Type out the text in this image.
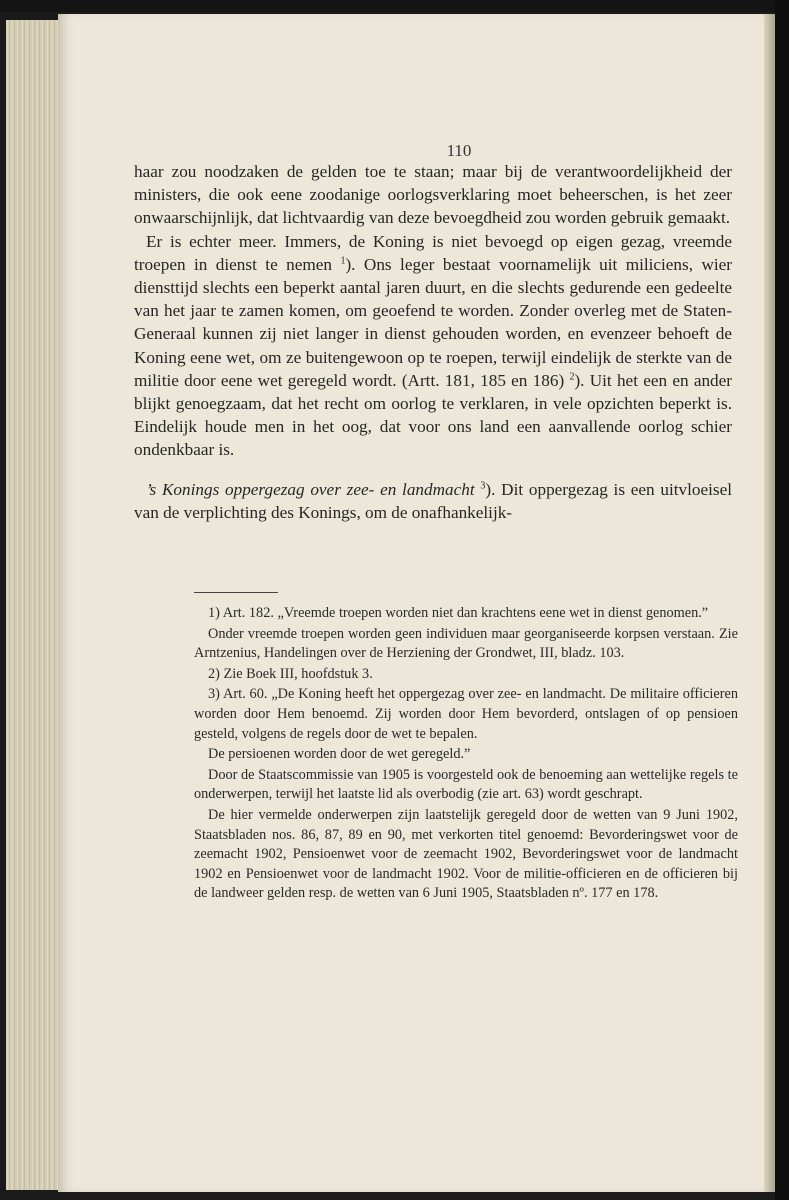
110

haar zou noodzaken de gelden toe te staan; maar bij de verantwoordelijkheid der ministers, die ook eene zoodanige oorlogsverklaring moet beheerschen, is het zeer onwaarschijnlijk, dat lichtvaardig van deze bevoegdheid zou worden gebruik gemaakt.

Er is echter meer. Immers, de Koning is niet bevoegd op eigen gezag, vreemde troepen in dienst te nemen $^1$). Ons leger bestaat voornamelijk uit miliciens, wier diensttijd slechts een beperkt aantal jaren duurt, en die slechts gedurende een gedeelte van het jaar te zamen komen, om geoefend te worden. Zonder overleg met de Staten-Generaal kunnen zij niet langer in dienst gehouden worden, en evenzeer behoeft de Koning eene wet, om ze buitengewoon op te roepen, terwijl eindelijk de sterkte van de militie door eene wet geregeld wordt. (Artt. 181, 185 en 186) $^2$). Uit het een en ander blijkt genoegzaam, dat het recht om oorlog te verklaren, in vele opzichten beperkt is. Eindelijk houde men in het oog, dat voor ons land een aanvallende oorlog schier ondenkbaar is.

’s Konings oppergezag over zee- en landmacht $^3$). Dit oppergezag is een uitvloeisel van de verplichting des Konings, om de onafhankelijk-

1) Art. 182. „Vreemde troepen worden niet dan krachtens eene wet in dienst genomen.”

Onder vreemde troepen worden geen individuen maar georganiseerde korpsen verstaan. Zie Arntzenius, Handelingen over de Herziening der Grondwet, III, bladz. 103.

2) Zie Boek III, hoofdstuk 3.

3) Art. 60. „De Koning heeft het oppergezag over zee- en landmacht. De militaire officieren worden door Hem benoemd. Zij worden door Hem bevorderd, ontslagen of op pensioen gesteld, volgens de regels door de wet te bepalen.

De persioenen worden door de wet geregeld.”

Door de Staatscommissie van 1905 is voorgesteld ook de benoeming aan wettelijke regels te onderwerpen, terwijl het laatste lid als overbodig (zie art. 63) wordt geschrapt.

De hier vermelde onderwerpen zijn laatstelijk geregeld door de wetten van 9 Juni 1902, Staatsbladen nos. 86, 87, 89 en 90, met verkorten titel genoemd: Bevorderingswet voor de zeemacht 1902, Pensioenwet voor de zeemacht 1902, Bevorderingswet voor de landmacht 1902 en Pensioenwet voor de landmacht 1902. Voor de militie-officieren en de officieren bij de landweer gelden resp. de wetten van 6 Juni 1905, Staatsbladen nº. 177 en 178.
